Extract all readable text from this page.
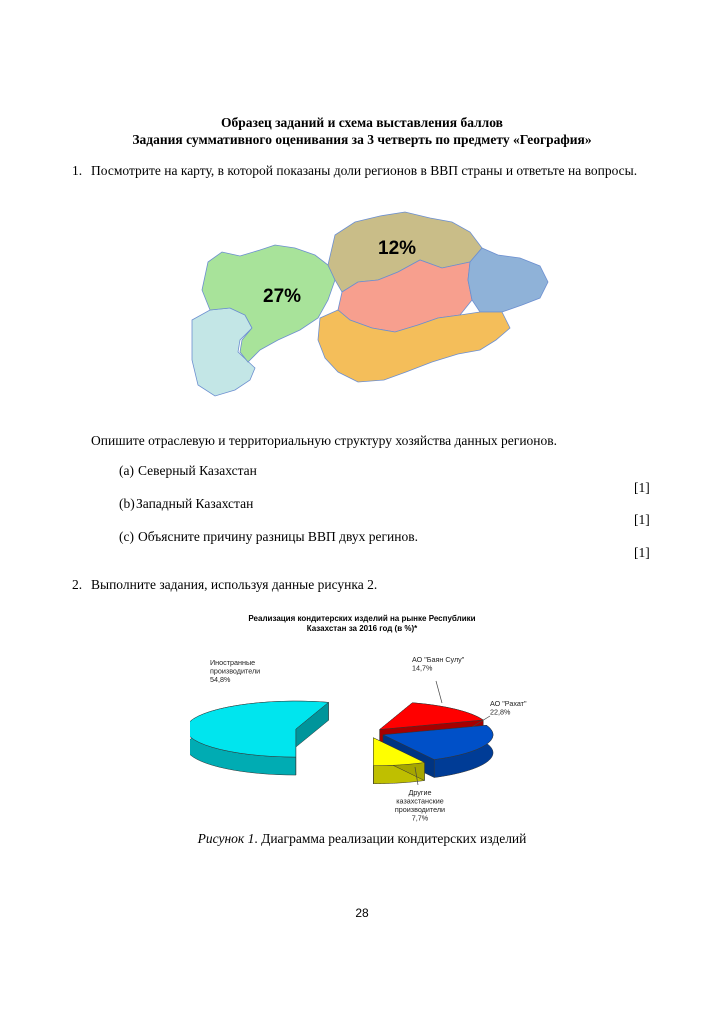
Образец заданий и схема выставления баллов
Задания суммативного оценивания за 3 четверть по предмету «География»
1. Посмотрите на карту, в которой показаны доли регионов в ВВП страны и ответьте на вопросы.
12%
27%
Опишите отраслевую и территориальную структуру хозяйства данных регионов.
(a) Северный Казахстан
[1]
(b) Западный Казахстан
[1]
(c) Объясните причину разницы ВВП двух регинов.
[1]
2. Выполните задания, используя данные рисунка 2.
Реализация кондитерских изделий на рынке Республики
Казахстан за 2016 год (в %)*
Иностранные производители 54,8%
АО "Баян Сулу" 14,7%
АО "Рахат" 22,8%
Другие казахстанские производители 7,7%
Рисунок 1. Диаграмма реализации кондитерских изделий
28
